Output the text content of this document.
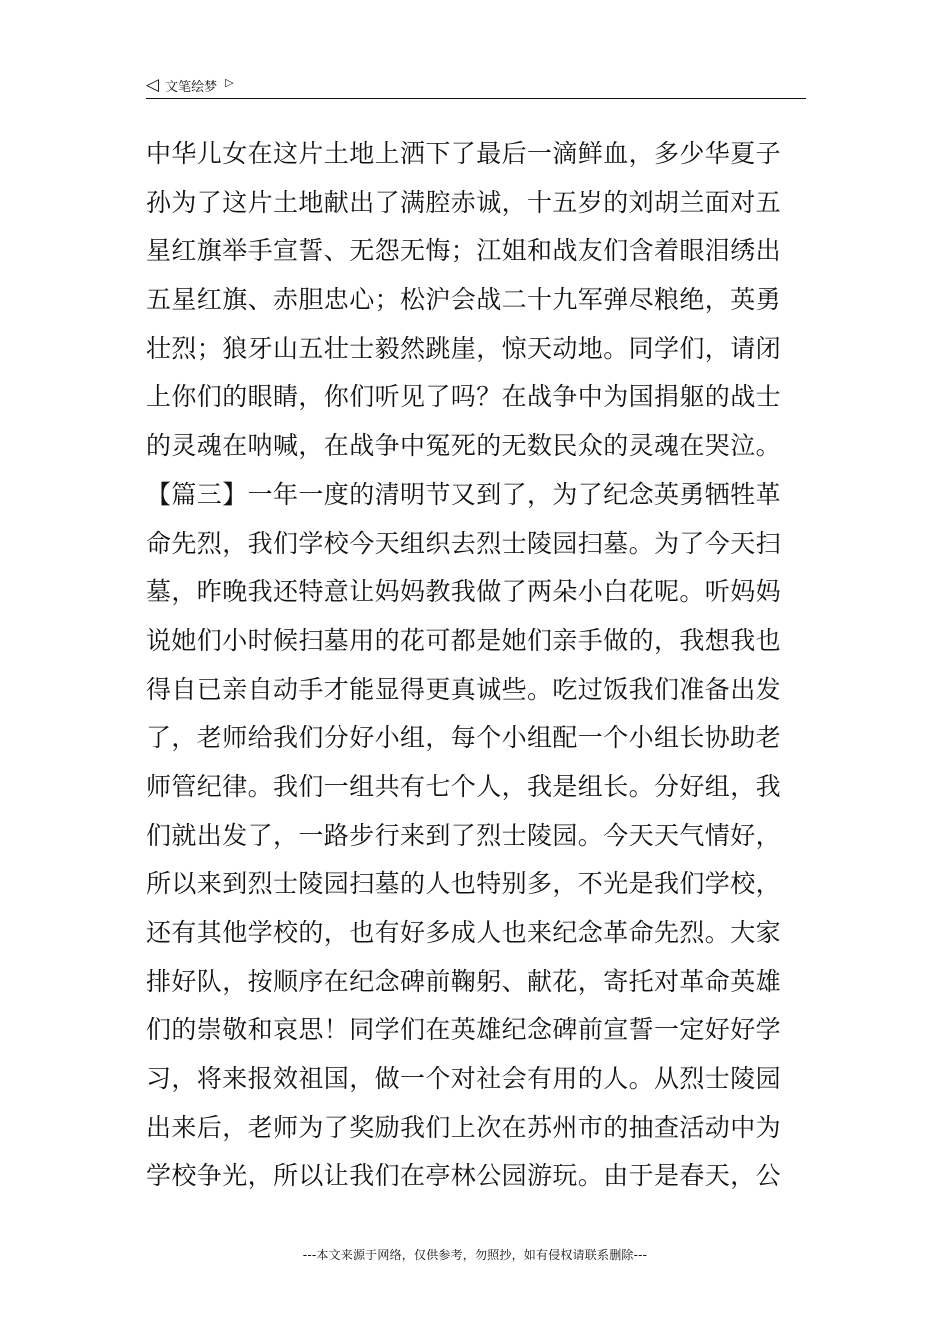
◁ 文笔绘梦 ▷
中华儿女在这片土地上洒下了最后一滴鲜血，多少华夏子
孙为了这片土地献出了满腔赤诚，十五岁的刘胡兰面对五
星红旗举手宣誓、无怨无悔；江姐和战友们含着眼泪绣出
五星红旗、赤胆忠心；松沪会战二十九军弹尽粮绝，英勇
壮烈；狼牙山五壮士毅然跳崖，惊天动地。同学们，请闭
上你们的眼睛，你们听见了吗？在战争中为国捐躯的战士
的灵魂在呐喊，在战争中冤死的无数民众的灵魂在哭泣。
【篇三】一年一度的清明节又到了，为了纪念英勇牺牲革
命先烈，我们学校今天组织去烈士陵园扫墓。为了今天扫
墓，昨晚我还特意让妈妈教我做了两朵小白花呢。听妈妈
说她们小时候扫墓用的花可都是她们亲手做的，我想我也
得自已亲自动手才能显得更真诚些。吃过饭我们准备出发
了，老师给我们分好小组，每个小组配一个小组长协助老
师管纪律。我们一组共有七个人，我是组长。分好组，我
们就出发了，一路步行来到了烈士陵园。今天天气情好，
所以来到烈士陵园扫墓的人也特别多，不光是我们学校，
还有其他学校的，也有好多成人也来纪念革命先烈。大家
排好队，按顺序在纪念碑前鞠躬、献花，寄托对革命英雄
们的崇敬和哀思！同学们在英雄纪念碑前宣誓一定好好学
习，将来报效祖国，做一个对社会有用的人。从烈士陵园
出来后，老师为了奖励我们上次在苏州市的抽查活动中为
学校争光，所以让我们在亭林公园游玩。由于是春天，公
---本文来源于网络，仅供参考，勿照抄，如有侵权请联系删除---
